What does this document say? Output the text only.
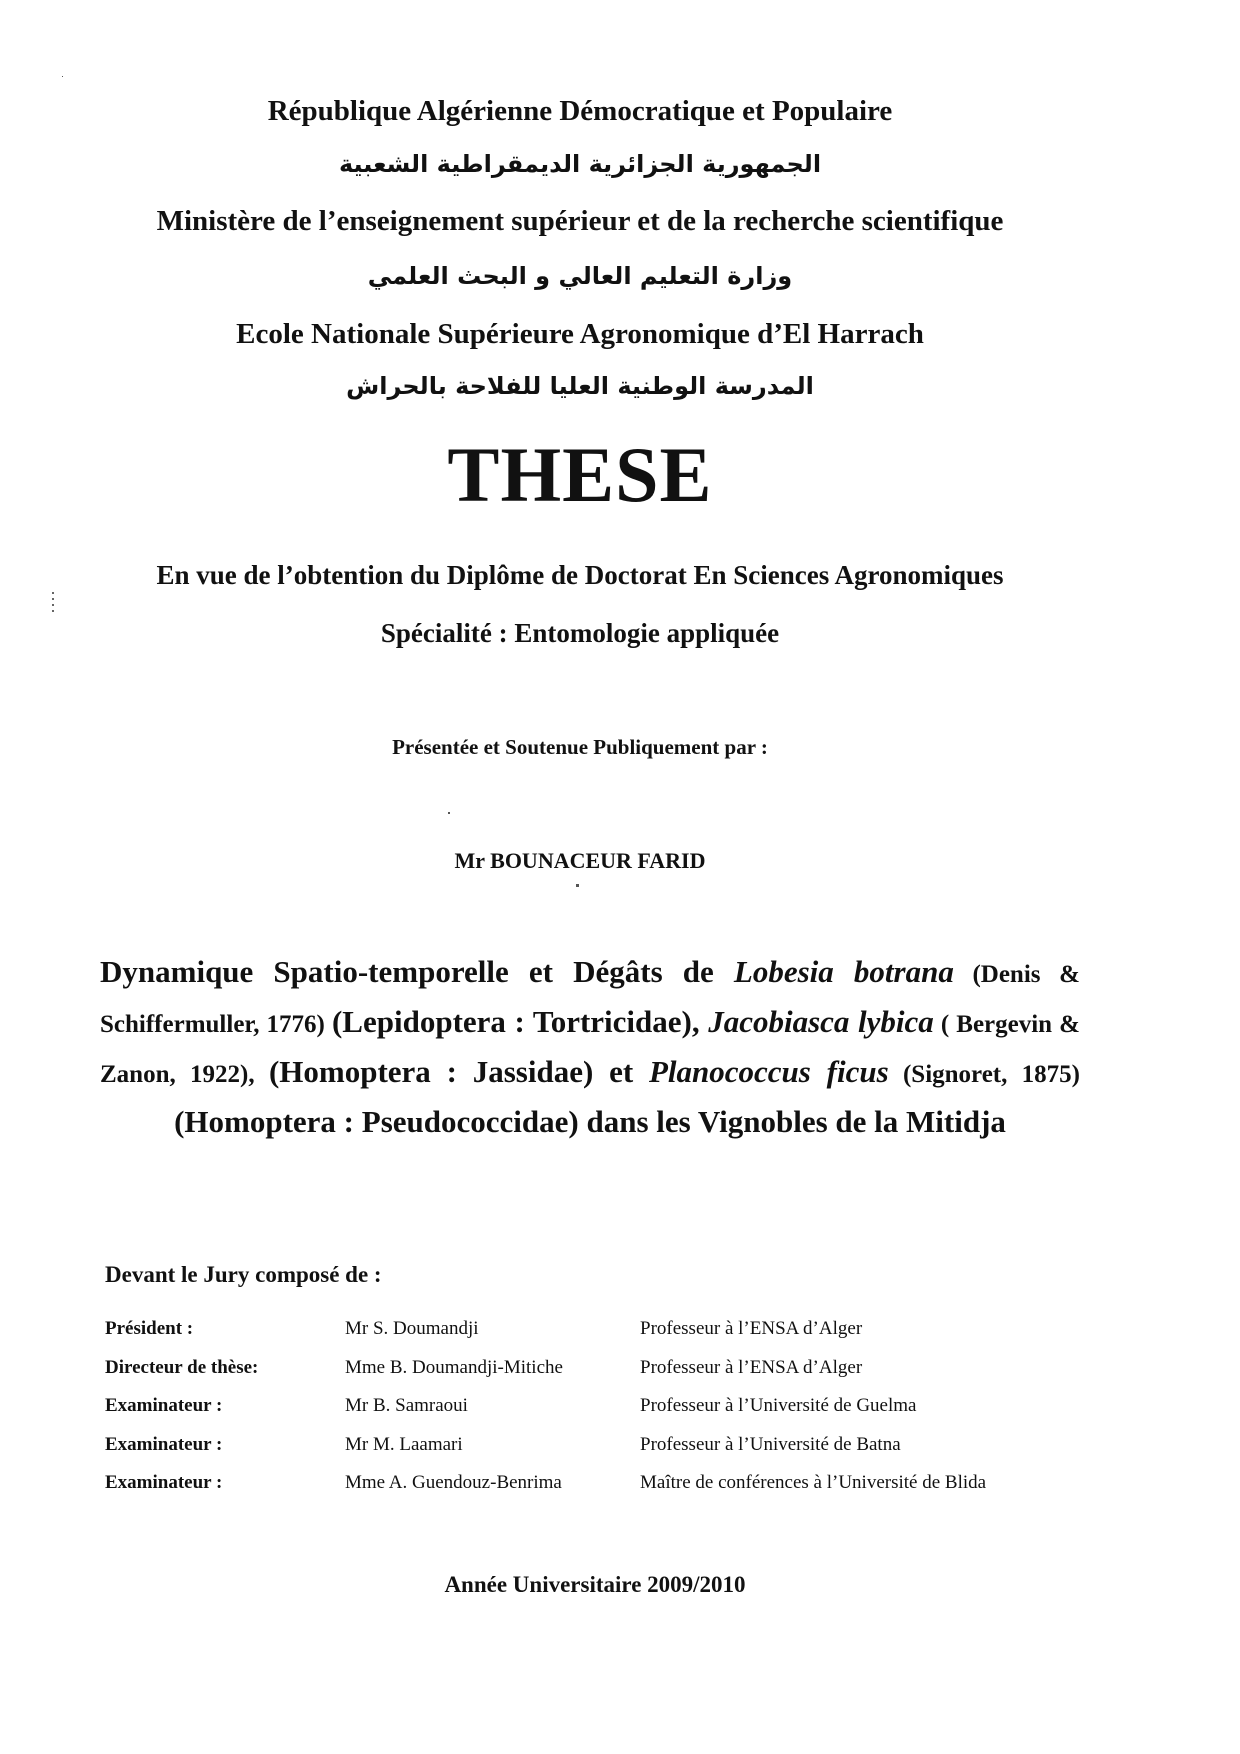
République Algérienne Démocratique et Populaire
الجمهورية الجزائرية الديمقراطية الشعبية
Ministère de l’enseignement supérieur et de la recherche scientifique
وزارة التعليم العالي و البحث العلمي
Ecole Nationale Supérieure Agronomique d’El Harrach
المدرسة الوطنية العليا للفلاحة بالحراش
THESE
En vue de l’obtention du Diplôme de Doctorat En Sciences Agronomiques
Spécialité : Entomologie appliquée
Présentée et Soutenue Publiquement par :
Mr BOUNACEUR FARID
Dynamique Spatio-temporelle et Dégâts de Lobesia botrana (Denis & Schiffermuller, 1776) (Lepidoptera : Tortricidae), Jacobiasca lybica ( Bergevin & Zanon, 1922), (Homoptera : Jassidae) et Planococcus ficus (Signoret, 1875) (Homoptera : Pseudococcidae) dans les Vignobles de la Mitidja
Devant le Jury composé de :
Président :	Mr S. Doumandji	Professeur à l’ENSA d’Alger
Directeur de thèse:	Mme B. Doumandji-Mitiche	Professeur à l’ENSA d’Alger
Examinateur :	Mr B. Samraoui	Professeur à l’Université de Guelma
Examinateur :	Mr M. Laamari	Professeur à l’Université de Batna
Examinateur :	Mme A. Guendouz-Benrima	Maître de conférences à l’Université de Blida
Année Universitaire 2009/2010
